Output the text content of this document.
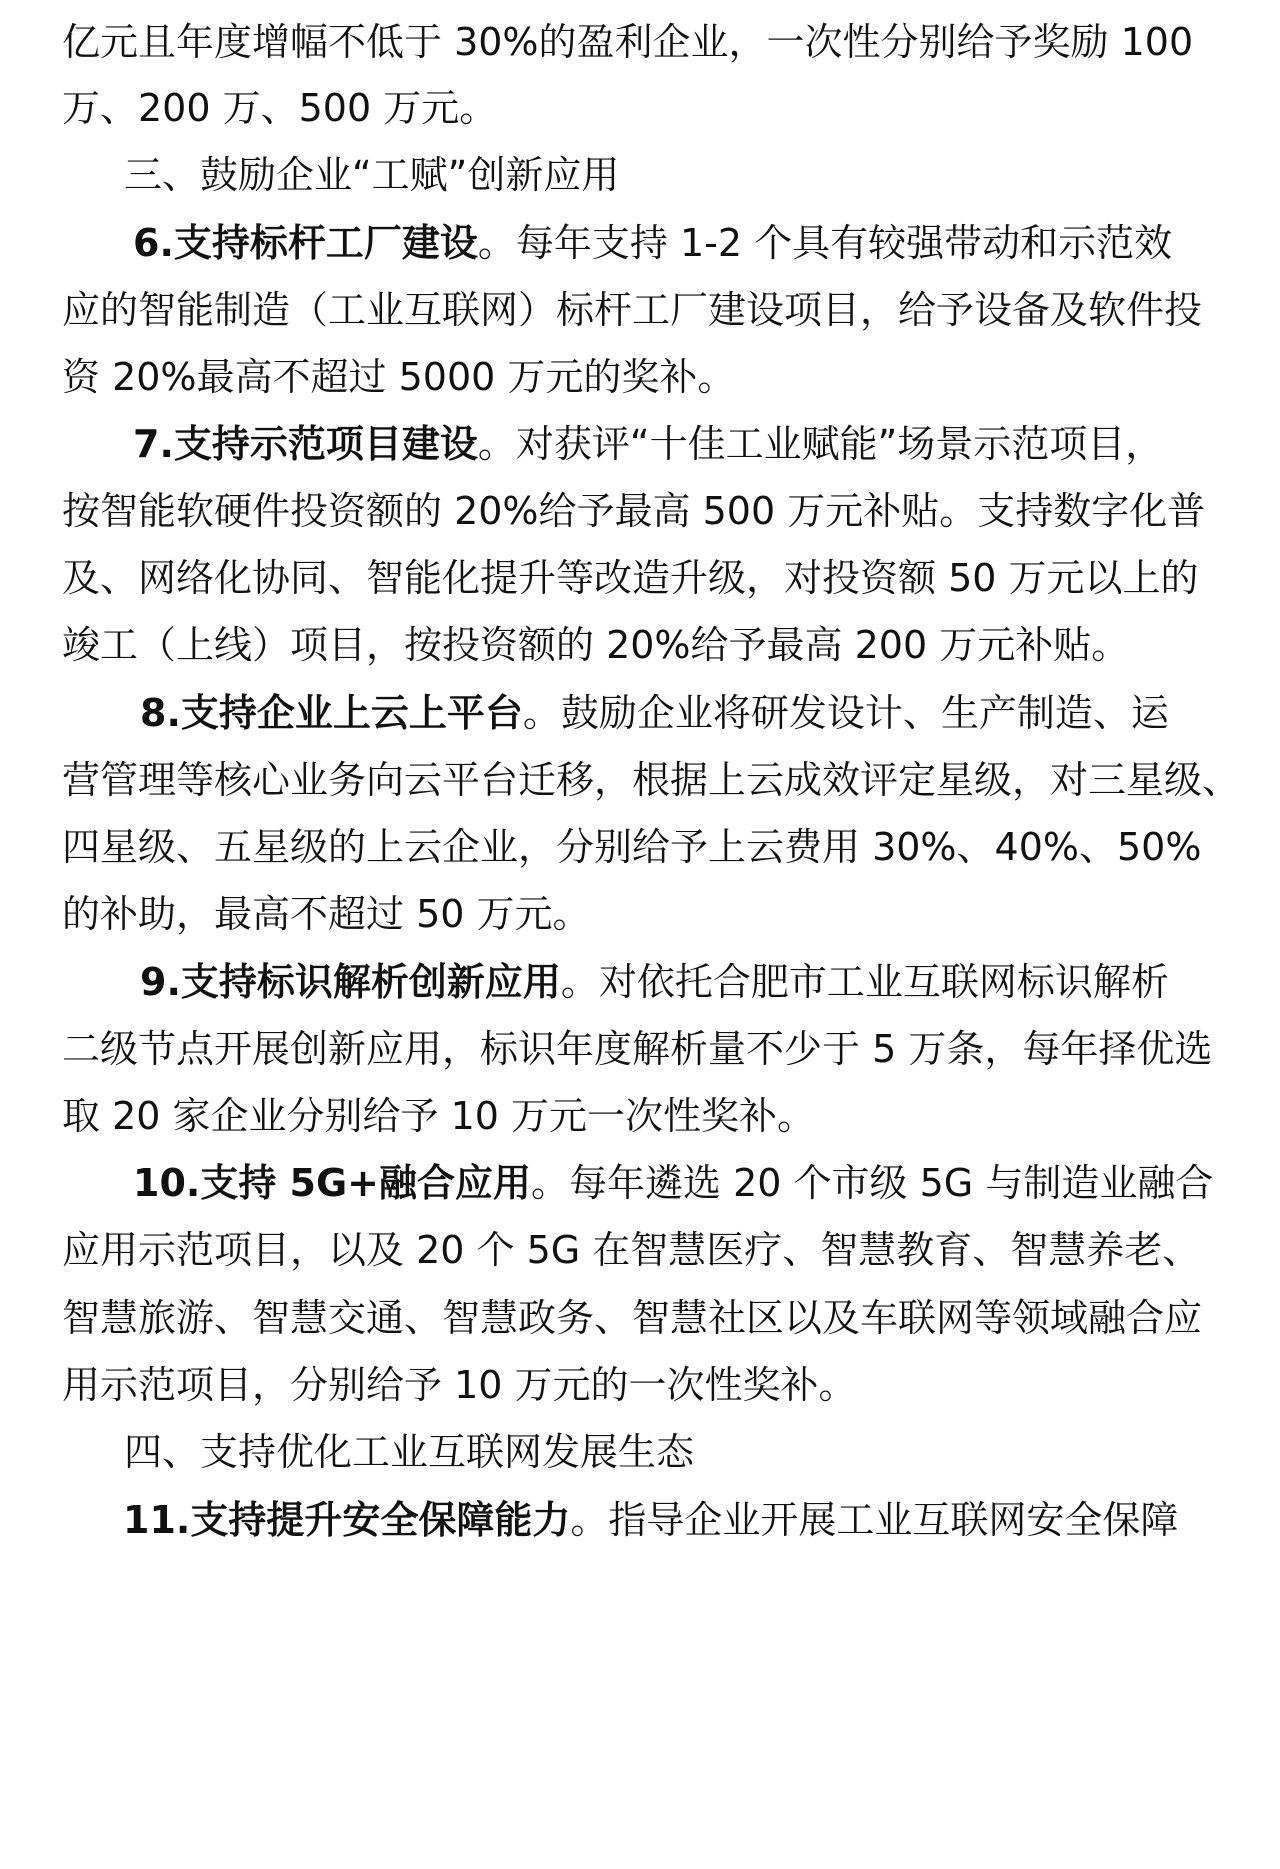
亿元且年度增幅不低于 30%的盈利企业，一次性分别给予奖励 100
万、200 万、500 万元。
三、鼓励企业“工赋”创新应用
6.支持标杆工厂建设。每年支持 1-2 个具有较强带动和示范效
应的智能制造（工业互联网）标杆工厂建设项目，给予设备及软件投
资 20%最高不超过 5000 万元的奖补。
7.支持示范项目建设。对获评“十佳工业赋能”场景示范项目，
按智能软硬件投资额的 20%给予最高 500 万元补贴。支持数字化普
及、网络化协同、智能化提升等改造升级，对投资额 50 万元以上的
竣工（上线）项目，按投资额的 20%给予最高 200 万元补贴。
8.支持企业上云上平台。鼓励企业将研发设计、生产制造、运
营管理等核心业务向云平台迁移，根据上云成效评定星级，对三星级、
四星级、五星级的上云企业，分别给予上云费用 30%、40%、50%
的补助，最高不超过 50 万元。
9.支持标识解析创新应用。对依托合肥市工业互联网标识解析
二级节点开展创新应用，标识年度解析量不少于 5 万条，每年择优选
取 20 家企业分别给予 10 万元一次性奖补。
10.支持 5G+融合应用。每年遴选 20 个市级 5G 与制造业融合
应用示范项目，以及 20 个 5G 在智慧医疗、智慧教育、智慧养老、
智慧旅游、智慧交通、智慧政务、智慧社区以及车联网等领域融合应
用示范项目，分别给予 10 万元的一次性奖补。
四、支持优化工业互联网发展生态
11.支持提升安全保障能力。指导企业开展工业互联网安全保障
